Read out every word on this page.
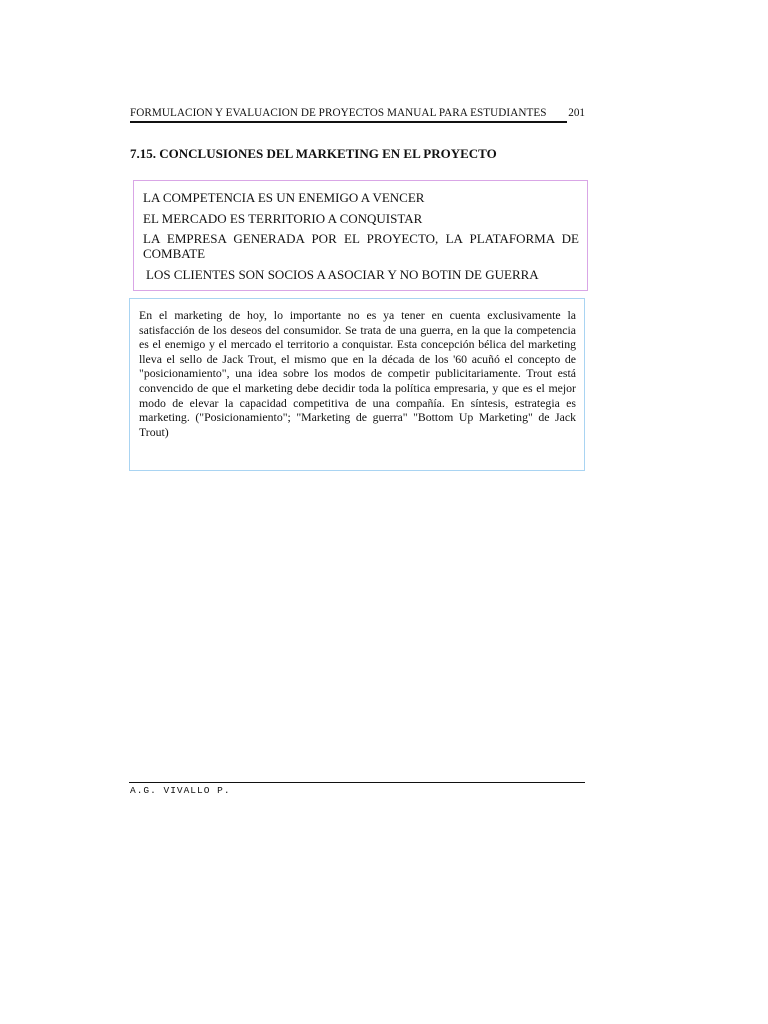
FORMULACION Y EVALUACION DE PROYECTOS MANUAL PARA ESTUDIANTES 201
7.15. CONCLUSIONES DEL MARKETING EN EL PROYECTO

LA COMPETENCIA ES UN ENEMIGO A VENCER

EL MERCADO ES TERRITORIO A CONQUISTAR

LA EMPRESA GENERADA POR EL PROYECTO, LA PLATAFORMA DE COMBATE

LOS CLIENTES SON SOCIOS A ASOCIAR Y NO BOTIN DE GUERRA

En el marketing de hoy, lo importante no es ya tener en cuenta exclusivamente la satisfacción de los deseos del consumidor. Se trata de una guerra, en la que la competencia es el enemigo y el mercado el territorio a conquistar. Esta concepción bélica del marketing lleva el sello de Jack Trout, el mismo que en la década de los '60 acuñó el concepto de "posicionamiento", una idea sobre los modos de competir publicitariamente. Trout está convencido de que el marketing debe decidir toda la política empresaria, y que es el mejor modo de elevar la capacidad competitiva de una compañía. En síntesis, estrategia es marketing. ("Posicionamiento"; "Marketing de guerra" "Bottom Up Marketing" de Jack Trout)

A.G. VIVALLO P.
